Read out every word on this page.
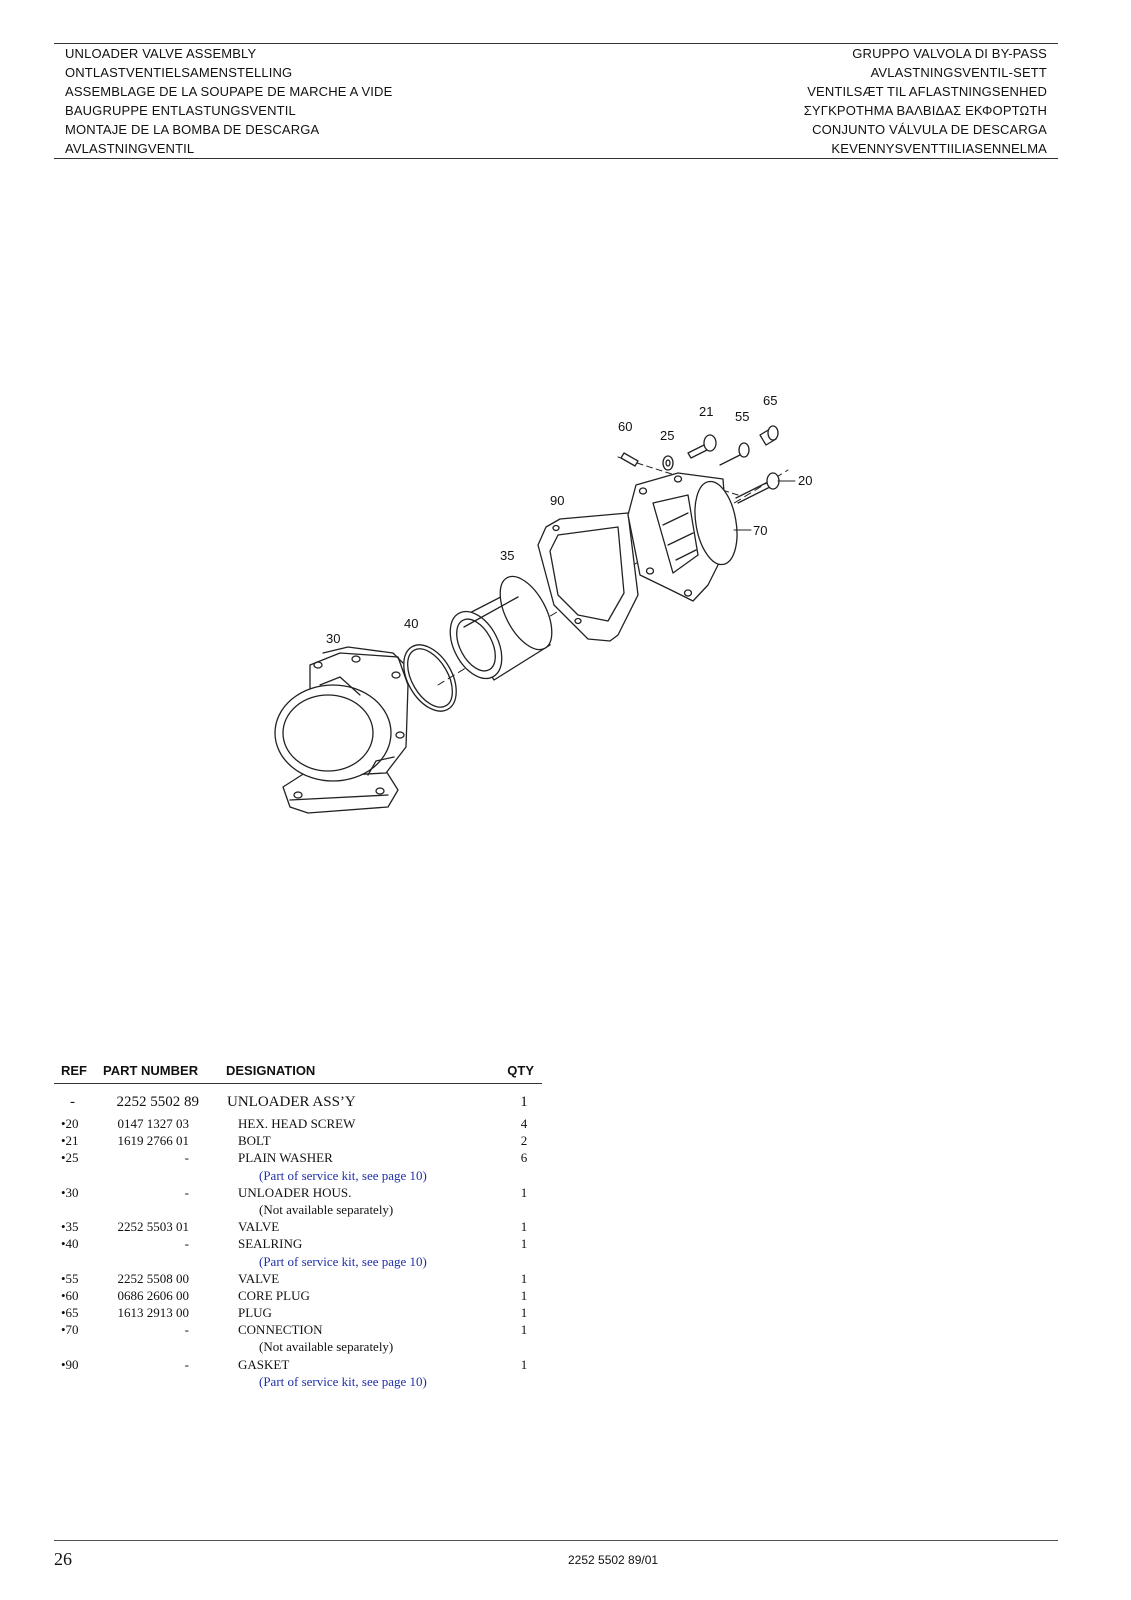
UNLOADER VALVE ASSEMBLY
ONTLASTVENTIELSAMENSTELLING
ASSEMBLAGE DE LA SOUPAPE DE MARCHE A VIDE
BAUGRUPPE ENTLASTUNGSVENTIL
MONTAJE DE LA BOMBA DE DESCARGA
AVLASTNINGVENTIL
GRUPPO VALVOLA DI BY-PASS
AVLASTNINGSVENTIL-SETT
VENTILSÆT TIL AFLASTNINGSENHED
ΣΥΓΚΡΟΤΗΜΑ ΒΑΛΒΙΔΑΣ ΕΚΦΟΡΤΩΤΗ
CONJUNTO VÁLVULA DE DESCARGA
KEVENNYSVENTTIILIASENNELMA
60
25
21 55
65
20
90
70
35
40
30
REF PART NUMBER DESIGNATION	QTY
-	2252 5502 89 UNLOADER ASS’Y	1
•20	0147 1327 03	HEX. HEAD SCREW	4
•21	1619 2766 01	BOLT	2
•25	-	PLAIN WASHER	6
(Part of service kit, see page 10)
•30	-	UNLOADER HOUS.	1
(Not available separately)
•35	2252 5503 01	VALVE	1
•40	-	SEALRING	1
(Part of service kit, see page 10)
•55	2252 5508 00	VALVE	1
•60	0686 2606 00	CORE PLUG	1
•65	1613 2913 00	PLUG	1
•70	-	CONNECTION	1
(Not available separately)
•90	-	GASKET	1
(Part of service kit, see page 10)
26	2252 5502 89/01
